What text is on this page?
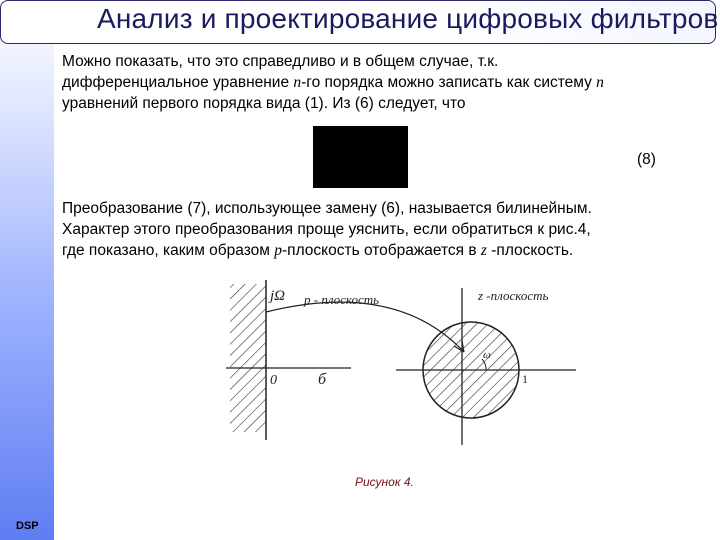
Анализ и проектирование цифровых фильтров
Можно показать, что это справедливо и в общем случае, т.к.
дифференциальное уравнение n-го порядка можно записать как систему n
уравнений первого порядка вида (1). Из (6) следует, что
(8)
Преобразование (7), использующее замену (6), называется билинейным.
Характер этого преобразования проще уяснить, если обратиться к рис.4,
где показано, каким образом p-плоскость отображается в z -плоскость.
jΩ p - плоскость	z -плоскость
0	б	1
ω
Рисунок 4.
DSP
